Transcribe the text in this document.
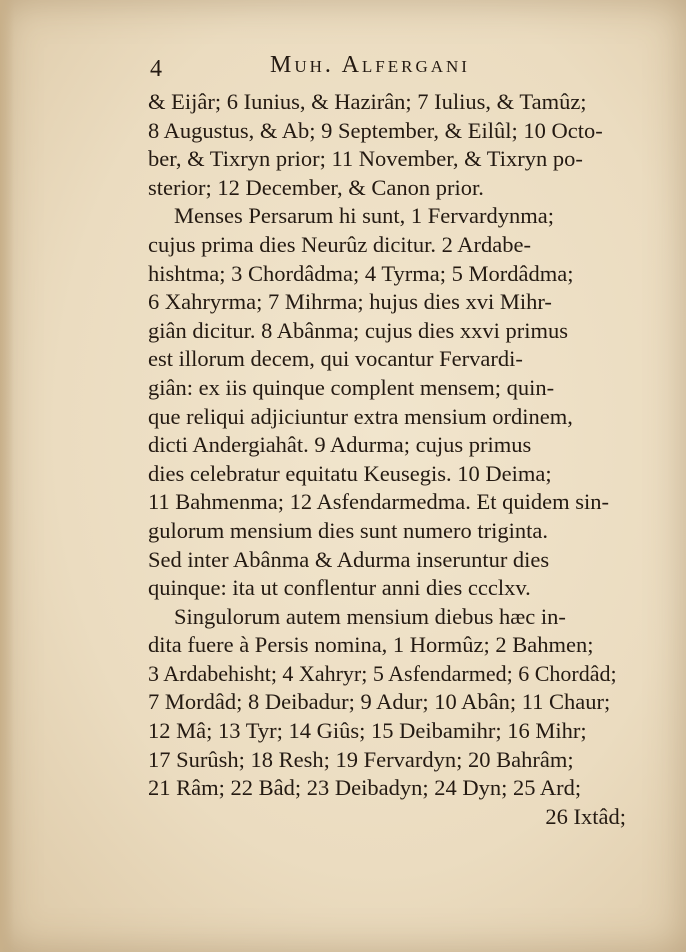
4	Muh. Alfergani
& Eijâr; 6 Iunius, & Hazirân; 7 Iulius, & Tamûz;
8 Augustus, & Ab; 9 September, & Eilûl; 10 Octo-
ber, & Tixryn prior; 11 November, & Tixryn po-
sterior; 12 December, & Canon prior.
Menses Persarum hi sunt, 1 Fervardynma;
cujus prima dies Neurûz dicitur. 2 Ardabe-
hishtma; 3 Chordâdma; 4 Tyrma; 5 Mordâdma;
6 Xahryrma; 7 Mihrma; hujus dies xvi Mihr-
giân dicitur. 8 Abânma; cujus dies xxvi primus
est illorum decem, qui vocantur Fervardi-
giân: ex iis quinque complent mensem; quin-
que reliqui adjiciuntur extra mensium ordinem,
dicti Andergiahât. 9 Adurma; cujus primus
dies celebratur equitatu Keusegis. 10 Deima;
11 Bahmenma; 12 Asfendarmedma. Et quidem sin-
gulorum mensium dies sunt numero triginta.
Sed inter Abânma & Adurma inseruntur dies
quinque: ita ut conflentur anni dies ccclxv.
Singulorum autem mensium diebus hæc in-
dita fuere à Persis nomina, 1 Hormûz; 2 Bahmen;
3 Ardabehisht; 4 Xahryr; 5 Asfendarmed; 6 Chordâd;
7 Mordâd; 8 Deibadur; 9 Adur; 10 Abân; 11 Chaur;
12 Mâ; 13 Tyr; 14 Giûs; 15 Deibamihr; 16 Mihr;
17 Surûsh; 18 Resh; 19 Fervardyn; 20 Bahrâm;
21 Râm; 22 Bâd; 23 Deibadyn; 24 Dyn; 25 Ard;
26 Ixtâd;
